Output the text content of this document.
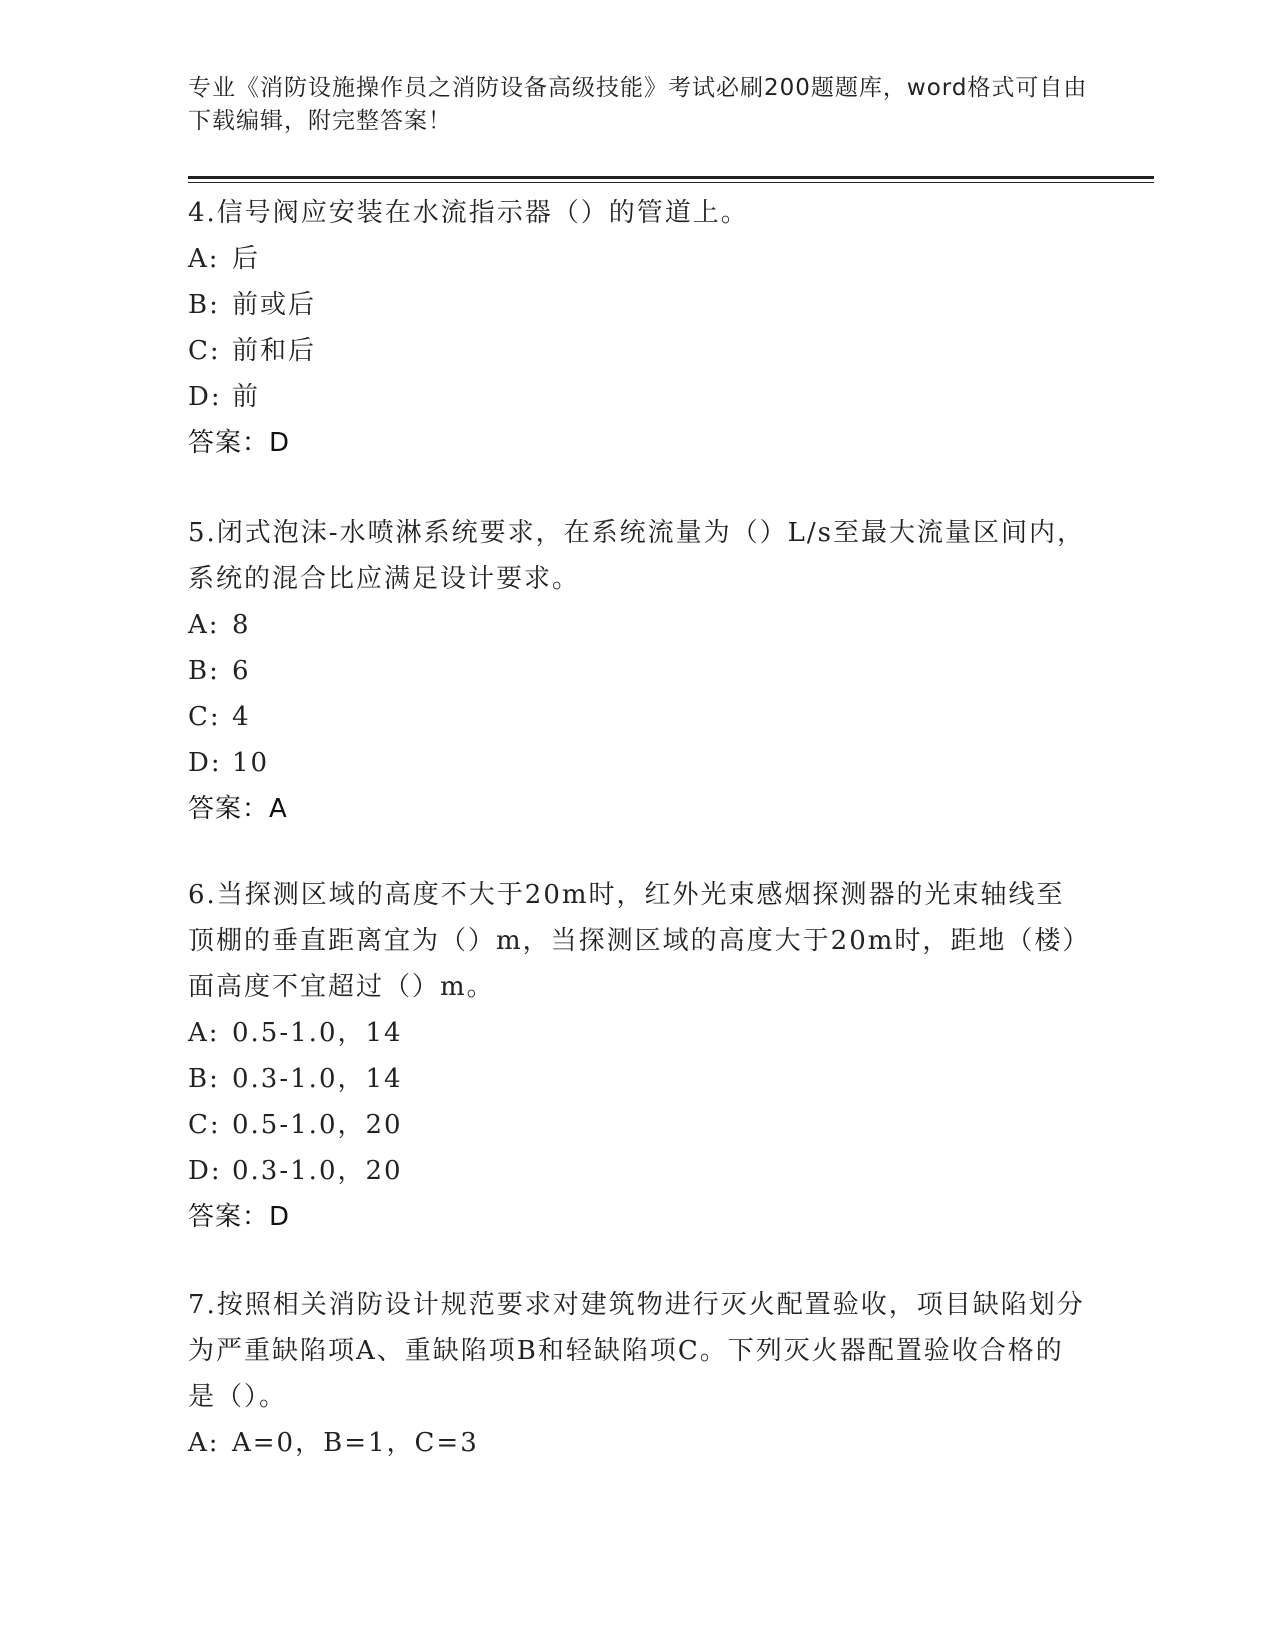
专业《消防设施操作员之消防设备高级技能》考试必刷200题题库，word格式可自由下载编辑，附完整答案！

4.信号阀应安装在水流指示器（）的管道上。

A: 后

B: 前或后

C: 前和后

D: 前

答案：D

5.闭式泡沫-水喷淋系统要求，在系统流量为（）L/s至最大流量区间内，系统的混合比应满足设计要求。

A: 8

B: 6

C: 4

D: 10

答案：A

6.当探测区域的高度不大于20m时，红外光束感烟探测器的光束轴线至顶棚的垂直距离宜为（）m，当探测区域的高度大于20m时，距地（楼）面高度不宜超过（）m。

A: 0.5-1.0，14

B: 0.3-1.0，14

C: 0.5-1.0，20

D: 0.3-1.0，20

答案：D

7.按照相关消防设计规范要求对建筑物进行灭火配置验收，项目缺陷划分为严重缺陷项A、重缺陷项B和轻缺陷项C。下列灭火器配置验收合格的是（）。

A: A=0，B=1，C=3
